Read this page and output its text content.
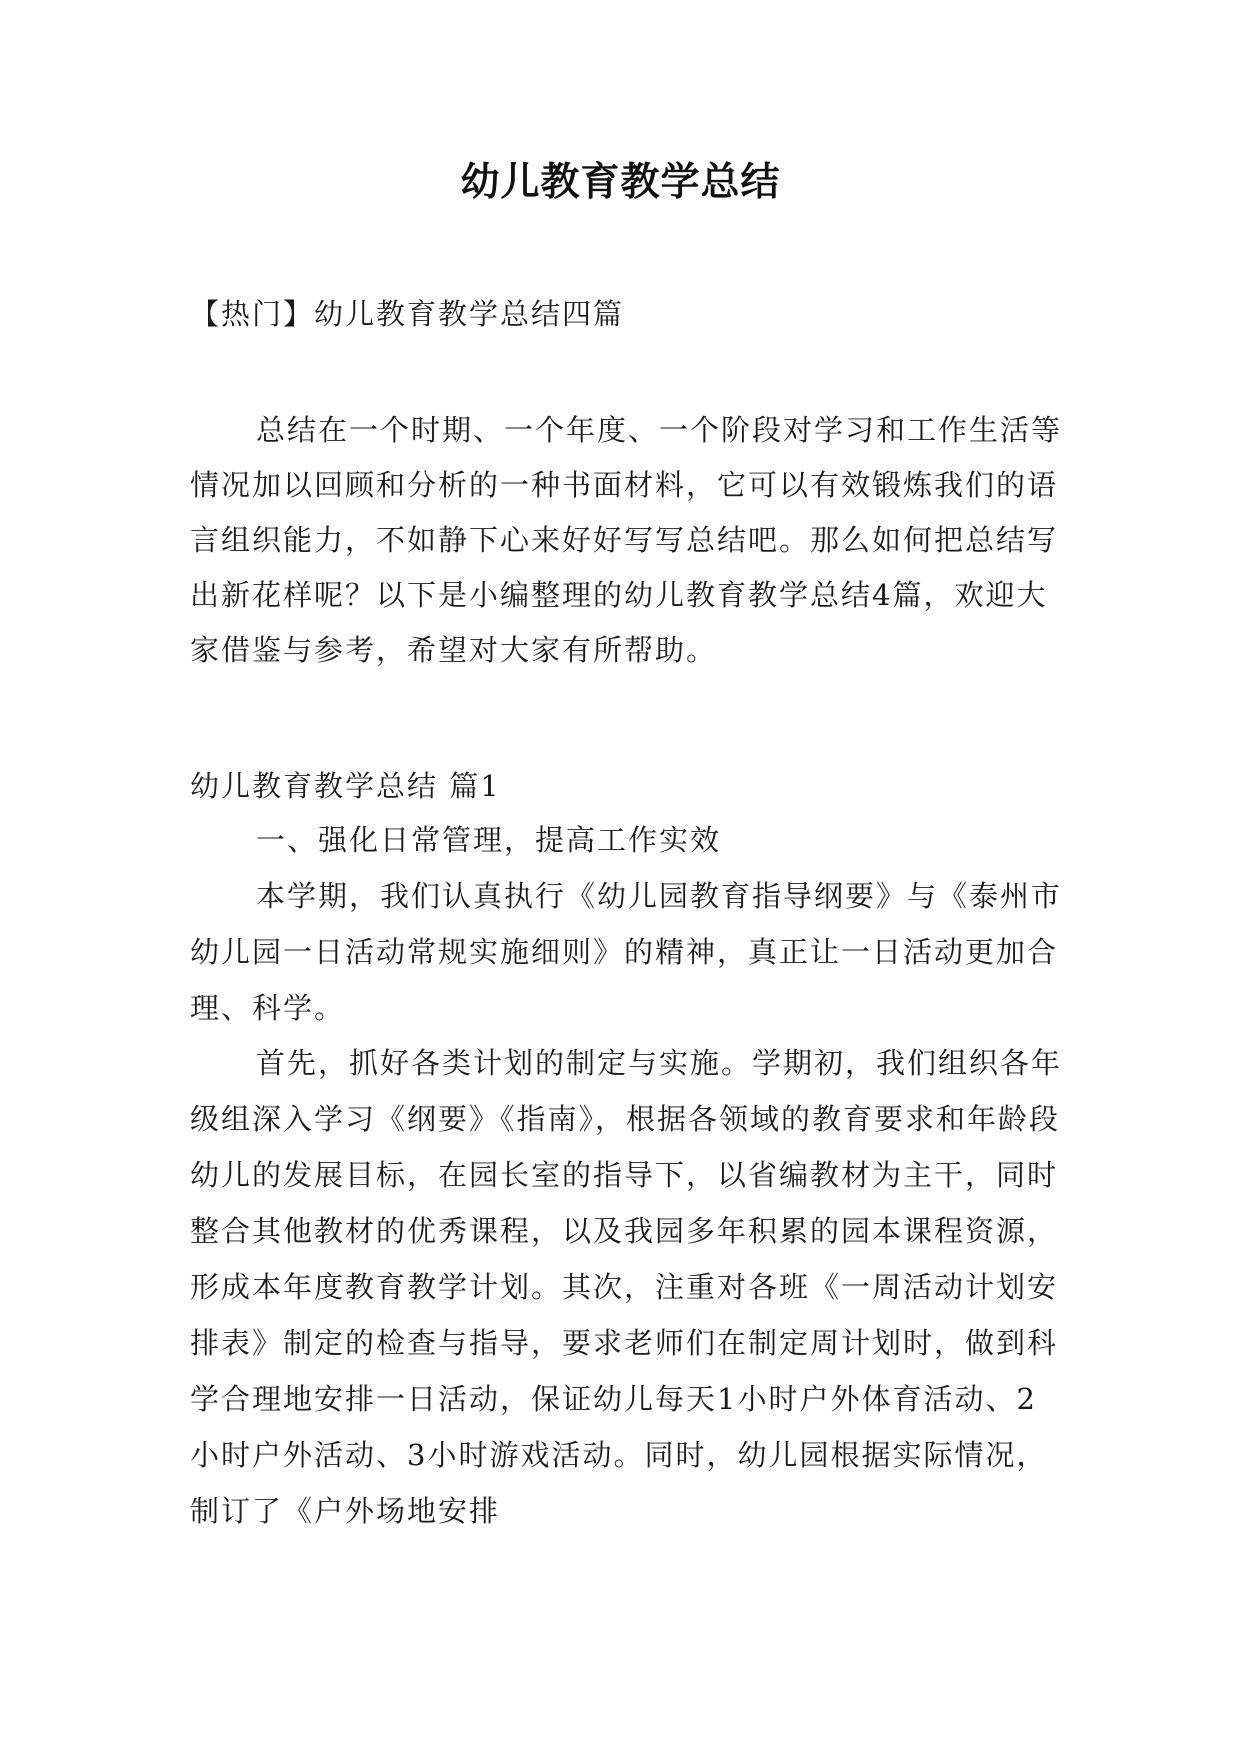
幼儿教育教学总结

【热门】幼儿教育教学总结四篇

总结在一个时期、一个年度、一个阶段对学习和工作生活等情况加以回顾和分析的一种书面材料，它可以有效锻炼我们的语言组织能力，不如静下心来好好写写总结吧。那么如何把总结写出新花样呢？以下是小编整理的幼儿教育教学总结4篇，欢迎大家借鉴与参考，希望对大家有所帮助。

幼儿教育教学总结 篇1

一、强化日常管理，提高工作实效

本学期，我们认真执行《幼儿园教育指导纲要》与《泰州市幼儿园一日活动常规实施细则》的精神，真正让一日活动更加合理、科学。

首先，抓好各类计划的制定与实施。学期初，我们组织各年级组深入学习《纲要》《指南》，根据各领域的教育要求和年龄段幼儿的发展目标，在园长室的指导下，以省编教材为主干，同时整合其他教材的优秀课程，以及我园多年积累的园本课程资源，形成本年度教育教学计划。其次，注重对各班《一周活动计划安排表》制定的检查与指导，要求老师们在制定周计划时，做到科学合理地安排一日活动，保证幼儿每天1小时户外体育活动、2小时户外活动、3小时游戏活动。同时，幼儿园根据实际情况，制订了《户外场地安排
